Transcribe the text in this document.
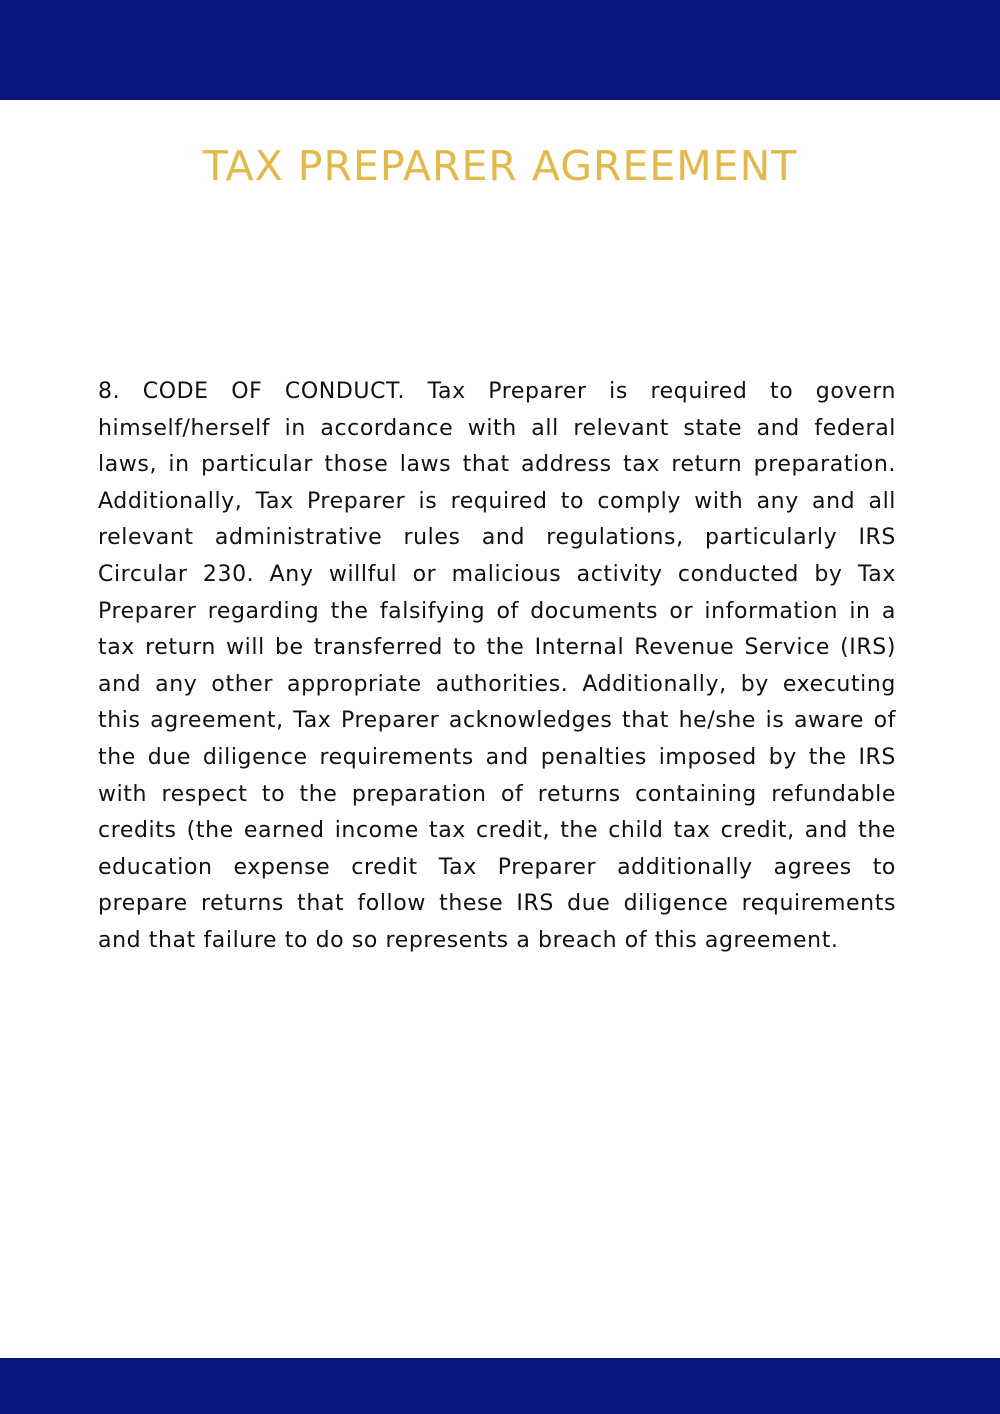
TAX PREPARER AGREEMENT

8. CODE OF CONDUCT. Tax Preparer is required to govern himself/herself in accordance with all relevant state and federal laws, in particular those laws that address tax return preparation. Additionally, Tax Preparer is required to comply with any and all relevant administrative rules and regulations, particularly IRS Circular 230. Any willful or malicious activity conducted by Tax Preparer regarding the falsifying of documents or information in a tax return will be transferred to the Internal Revenue Service (IRS) and any other appropriate authorities. Additionally, by executing this agreement, Tax Preparer acknowledges that he/she is aware of the due diligence requirements and penalties imposed by the IRS with respect to the preparation of returns containing refundable credits (the earned income tax credit, the child tax credit, and the education expense credit Tax Preparer additionally agrees to prepare returns that follow these IRS due diligence requirements and that failure to do so represents a breach of this agreement.
